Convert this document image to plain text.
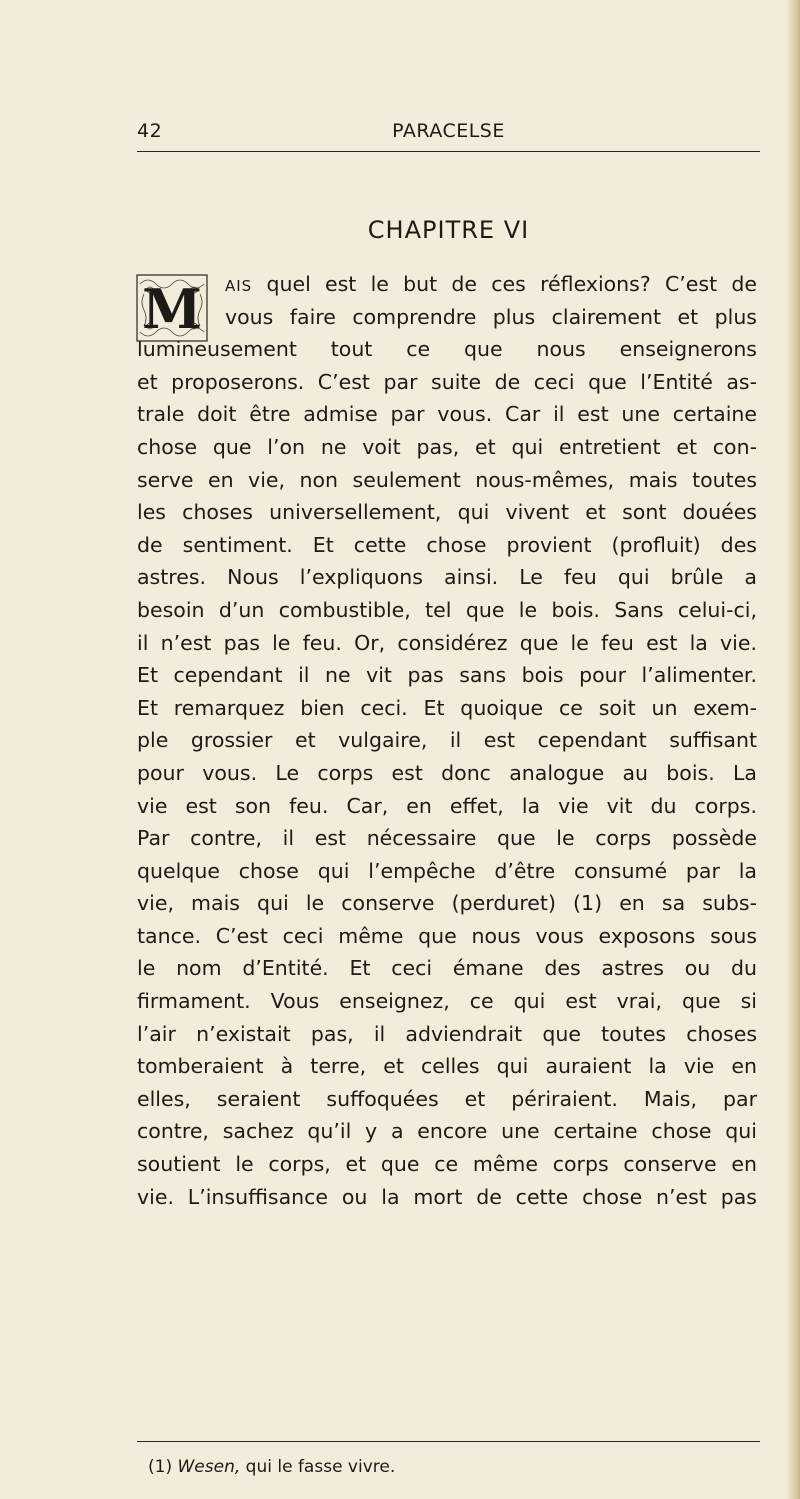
42	PARACELSE
CHAPITRE VI
M	AIS quel est le but de ces réflexions? C’est de
vous faire comprendre plus clairement et plus
lumineusement tout ce que nous enseignerons
et proposerons. C’est par suite de ceci que l’Entité as-
trale doit être admise par vous. Car il est une certaine
chose que l’on ne voit pas, et qui entretient et con-
serve en vie, non seulement nous-mêmes, mais toutes
les choses universellement, qui vivent et sont douées
de sentiment. Et cette chose provient (profluit) des
astres. Nous l’expliquons ainsi. Le feu qui brûle a
besoin d’un combustible, tel que le bois. Sans celui-ci,
il n’est pas le feu. Or, considérez que le feu est la vie.
Et cependant il ne vit pas sans bois pour l’alimenter.
Et remarquez bien ceci. Et quoique ce soit un exem-
ple grossier et vulgaire, il est cependant suffisant
pour vous. Le corps est donc analogue au bois. La
vie est son feu. Car, en effet, la vie vit du corps.
Par contre, il est nécessaire que le corps possède
quelque chose qui l’empêche d’être consumé par la
vie, mais qui le conserve (perduret) (1) en sa subs-
tance. C’est ceci même que nous vous exposons sous
le nom d’Entité. Et ceci émane des astres ou du
firmament. Vous enseignez, ce qui est vrai, que si
l’air n’existait pas, il adviendrait que toutes choses
tomberaient à terre, et celles qui auraient la vie en
elles, seraient suffoquées et périraient. Mais, par
contre, sachez qu’il y a encore une certaine chose qui
soutient le corps, et que ce même corps conserve en
vie. L’insuffisance ou la mort de cette chose n’est pas
(1) Wesen, qui le fasse vivre.
